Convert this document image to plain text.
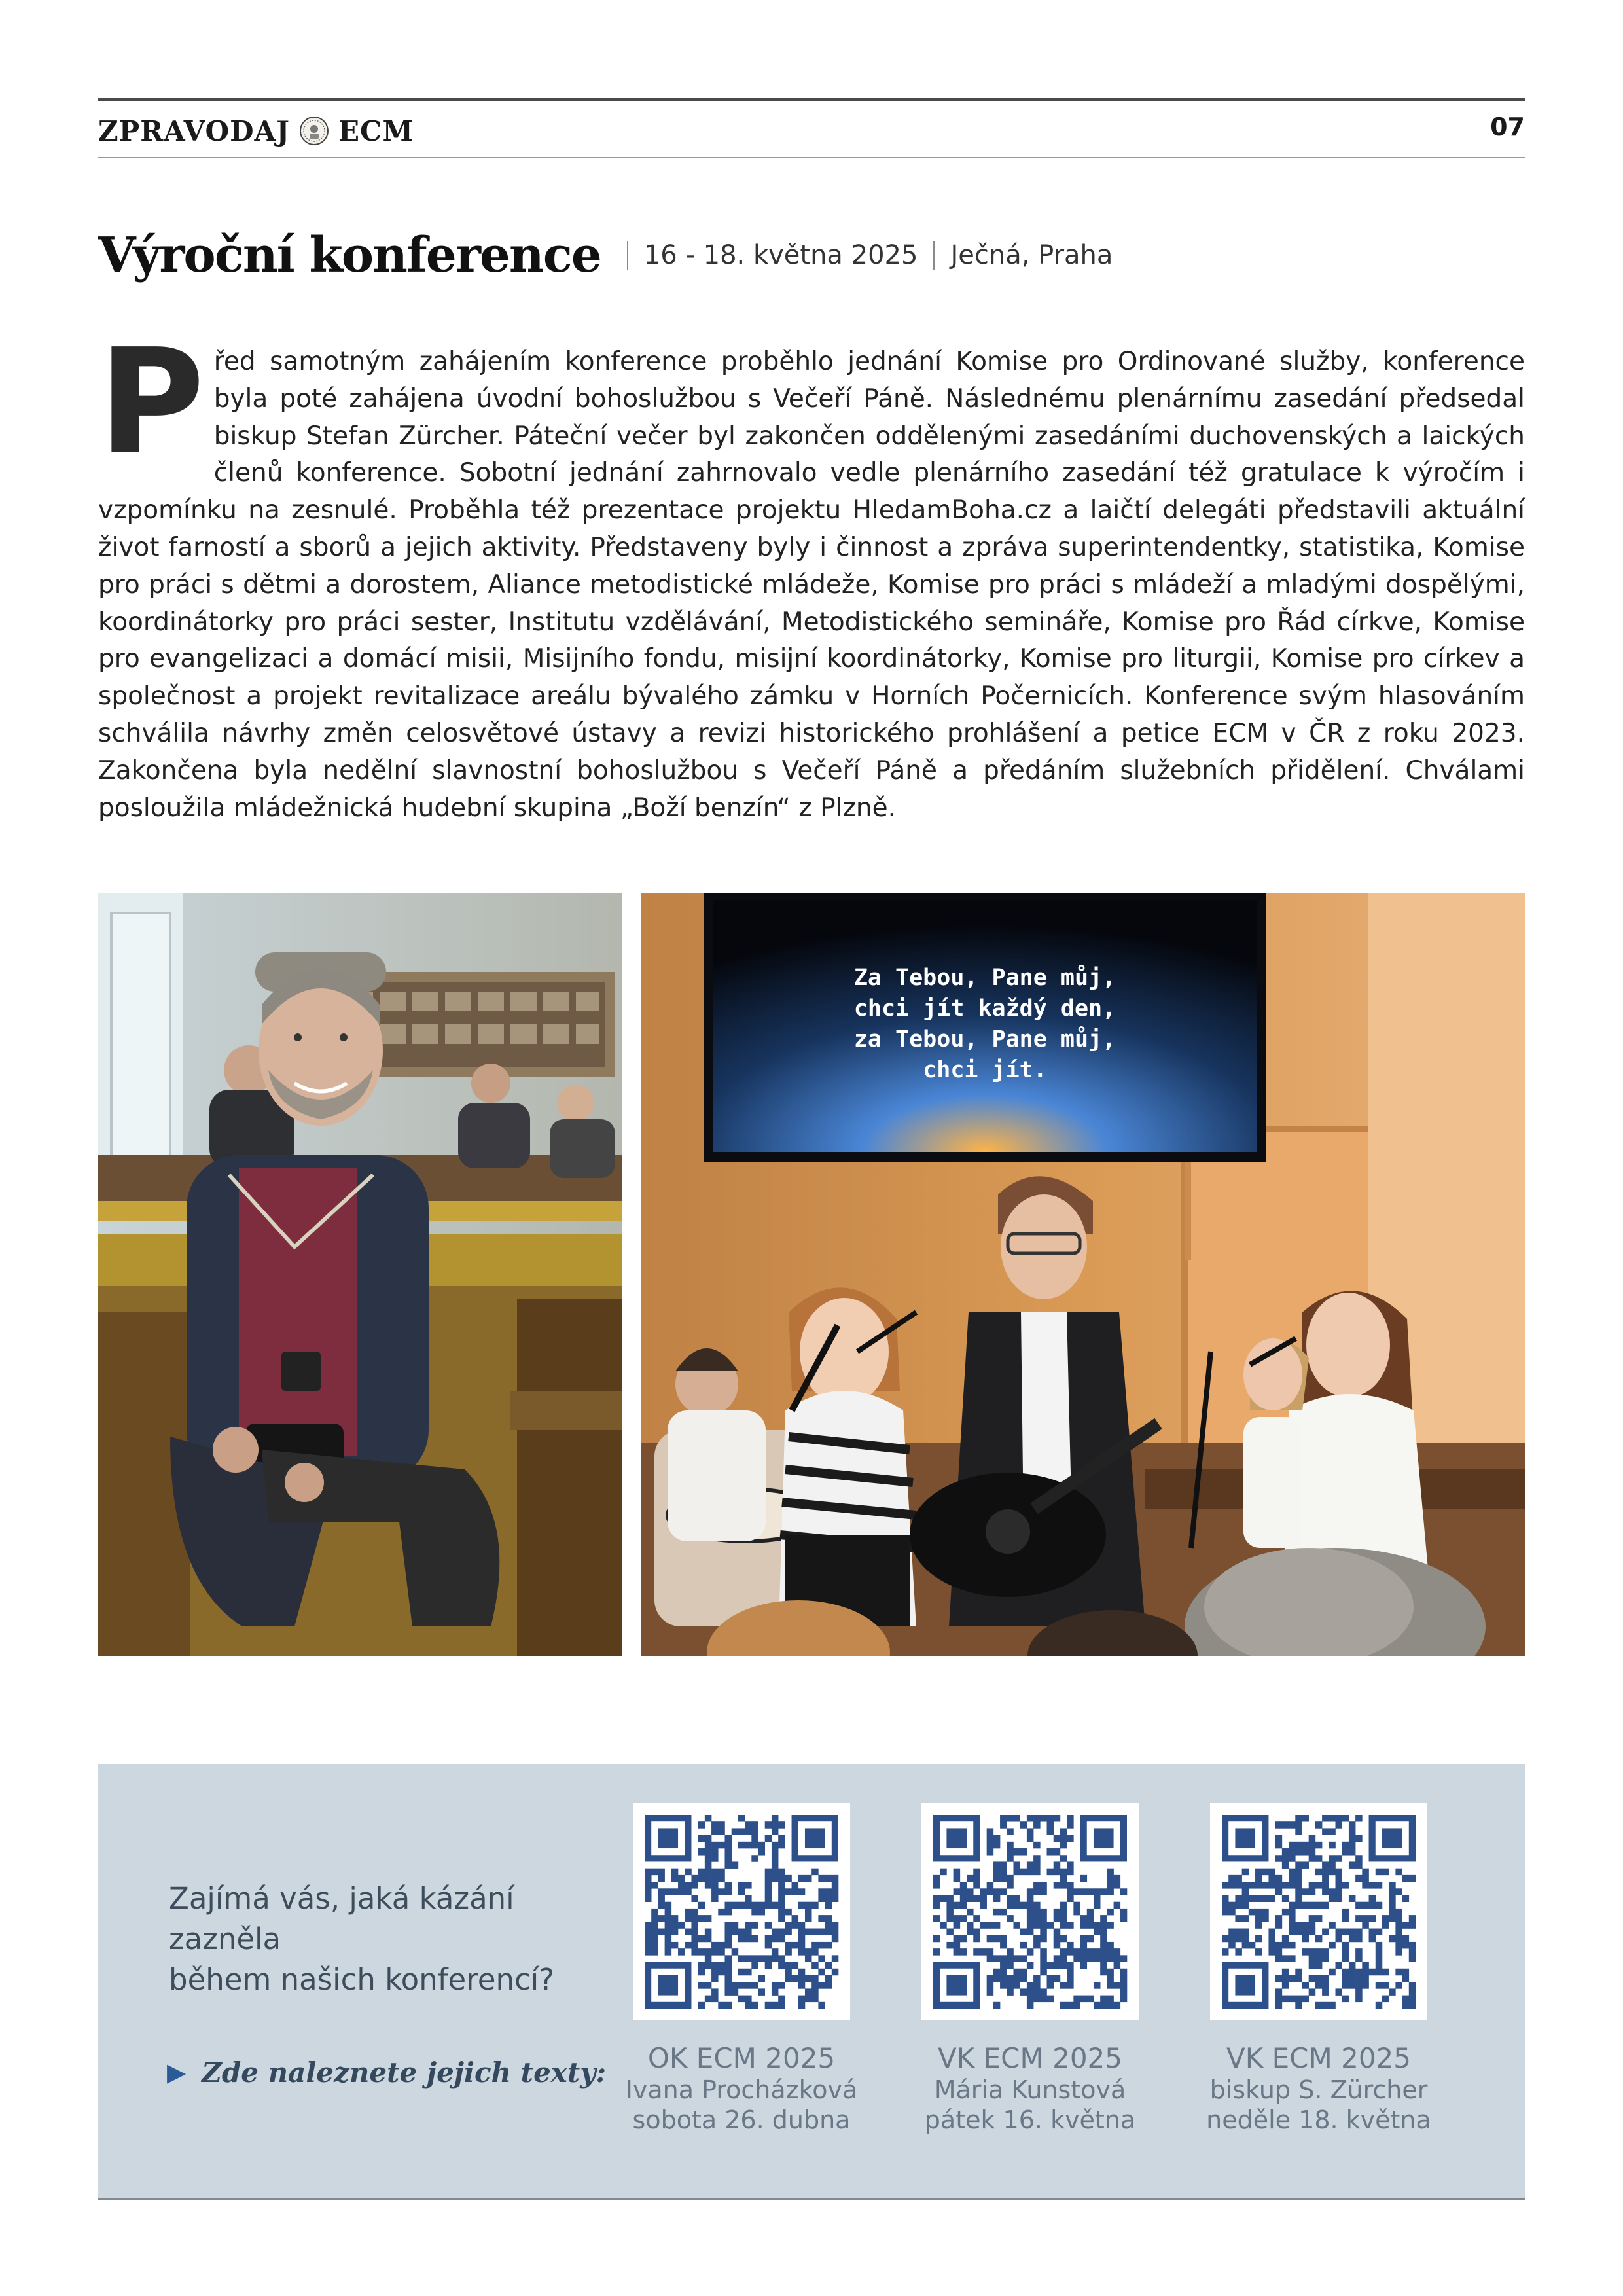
ZPRAVODAJ ECM	07
Výroční konference 16 - 18. května 2025 Ječná, Praha
P řed samotným zahájením konference proběhlo jednání Komise pro Ordinované služby, konference byla poté zahájena úvodní bohoslužbou s Večeří Páně. Následnému plenárnímu zasedání předsedal biskup Stefan Zürcher. Páteční večer byl zakončen oddělenými zasedáními duchovenských a laických členů konference. Sobotní jednání zahrnovalo vedle plenárního zasedání též gratulace k výročím i vzpomínku na zesnulé. Proběhla též prezentace projektu HledamBoha.cz a laičtí delegáti představili aktuální život farností a sborů a jejich aktivity. Představeny byly i činnost a zpráva superintendentky, statistika, Komise pro práci s dětmi a dorostem, Aliance metodistické mládeže, Komise pro práci s mládeží a mladými dospělými, koordinátorky pro práci sester, Institutu vzdělávání, Metodistického semináře, Komise pro Řád církve, Komise pro evangelizaci a domácí misii, Misijního fondu, misijní koordinátorky, Komise pro liturgii, Komise pro církev a společnost a projekt revitalizace areálu bývalého zámku v Horních Počernicích. Konference svým hlasováním schválila návrhy změn celosvětové ústavy a revizi historického prohlášení a petice ECM v ČR z roku 2023. Zakončena byla nedělní slavnostní bohoslužbou s Večeří Páně a předáním služebních přidělení. Chválami posloužila mládežnická hudební skupina „Boží benzín“ z Plzně.
Za Tebou, Pane můj,
chci jít každý den,
za Tebou, Pane můj,
chci jít.
Zajímá vás, jaká kázání zazněla
během našich konferencí?
▶ Zde naleznete jejich texty:	OK ECM 2025
Ivana Procházková
sobota 26. dubna
VK ECM 2025
Mária Kunstová
pátek 16. května
VK ECM 2025
biskup S. Zürcher
neděle 18. května
